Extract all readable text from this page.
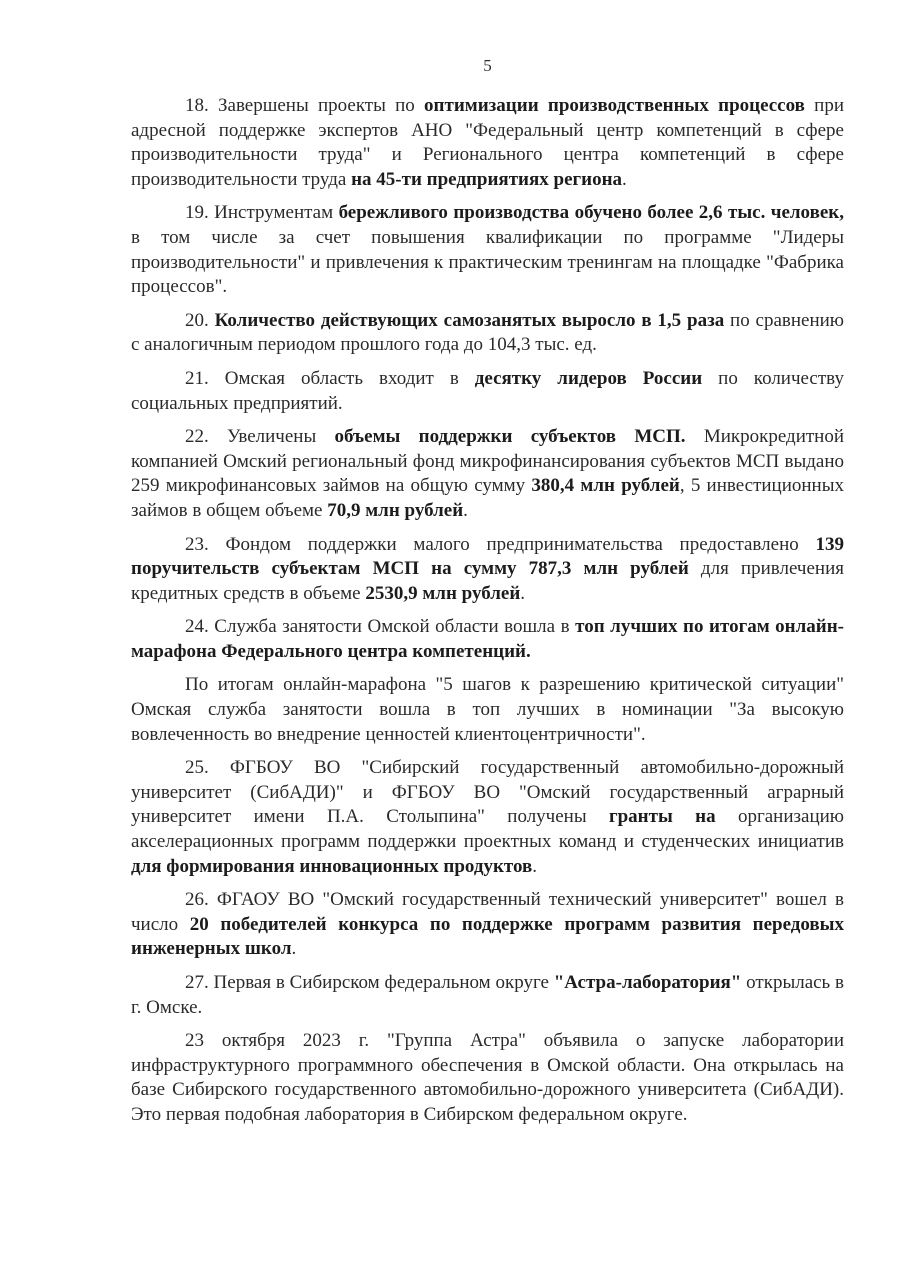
5

18. Завершены проекты по оптимизации производственных процессов при адресной поддержке экспертов АНО "Федеральный центр компетенций в сфере производительности труда" и Регионального центра компетенций в сфере производительности труда на 45-ти предприятиях региона.

19. Инструментам бережливого производства обучено более 2,6 тыс. человек, в том числе за счет повышения квалификации по программе "Лидеры производительности" и привлечения к практическим тренингам на площадке "Фабрика процессов".

20. Количество действующих самозанятых выросло в 1,5 раза по сравнению с аналогичным периодом прошлого года до 104,3 тыс. ед.

21. Омская область входит в десятку лидеров России по количеству социальных предприятий.

22. Увеличены объемы поддержки субъектов МСП. Микрокредитной компанией Омский региональный фонд микрофинансирования субъектов МСП выдано 259 микрофинансовых займов на общую сумму 380,4 млн рублей, 5 инвестиционных займов в общем объеме 70,9 млн рублей.

23. Фондом поддержки малого предпринимательства предоставлено 139 поручительств субъектам МСП на сумму 787,3 млн рублей для привлечения кредитных средств в объеме 2530,9 млн рублей.

24. Служба занятости Омской области вошла в топ лучших по итогам онлайн-марафона Федерального центра компетенций.

По итогам онлайн-марафона "5 шагов к разрешению критической ситуации" Омская служба занятости вошла в топ лучших в номинации "За высокую вовлеченность во внедрение ценностей клиентоцентричности".

25. ФГБОУ ВО "Сибирский государственный автомобильно-дорожный университет (СибАДИ)" и ФГБОУ ВО "Омский государственный аграрный университет имени П.А. Столыпина" получены гранты на организацию акселерационных программ поддержки проектных команд и студенческих инициатив для формирования инновационных продуктов.

26. ФГАОУ ВО "Омский государственный технический университет" вошел в число 20 победителей конкурса по поддержке программ развития передовых инженерных школ.

27. Первая в Сибирском федеральном округе "Астра-лаборатория" открылась в г. Омске.

23 октября 2023 г. "Группа Астра" объявила о запуске лаборатории инфраструктурного программного обеспечения в Омской области. Она открылась на базе Сибирского государственного автомобильно-дорожного университета (СибАДИ). Это первая подобная лаборатория в Сибирском федеральном округе.
